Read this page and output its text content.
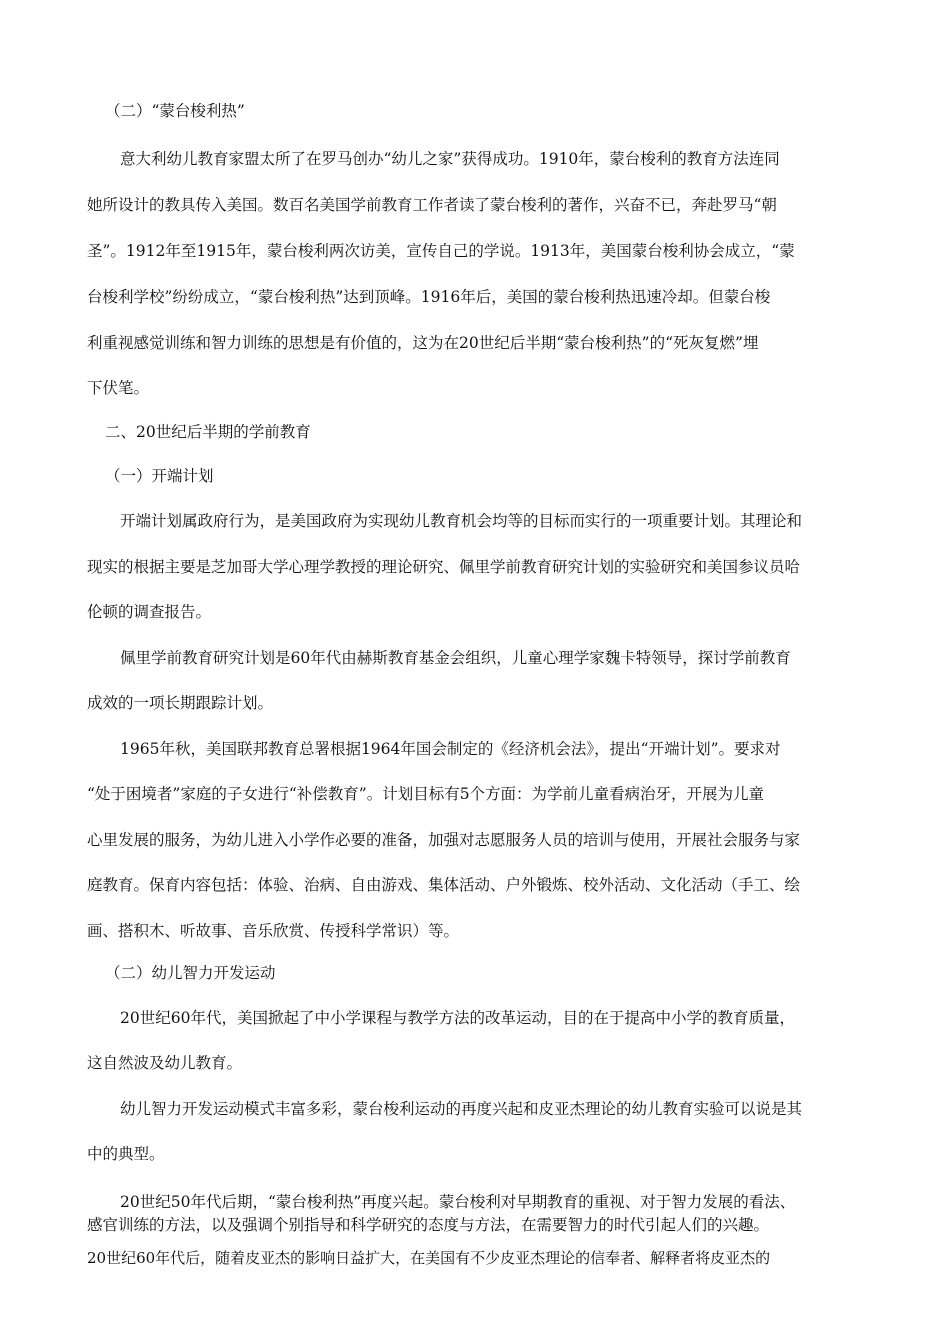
（二）“蒙台梭利热”
意大利幼儿教育家盟太所了在罗马创办“幼儿之家”获得成功。1910年，蒙台梭利的教育方法连同
她所设计的教具传入美国。数百名美国学前教育工作者读了蒙台梭利的著作，兴奋不已，奔赴罗马“朝
圣”。1912年至1915年，蒙台梭利两次访美，宣传自己的学说。1913年，美国蒙台梭利协会成立，“蒙
台梭利学校”纷纷成立，“蒙台梭利热”达到顶峰。1916年后，美国的蒙台梭利热迅速冷却。但蒙台梭
利重视感觉训练和智力训练的思想是有价值的，这为在20世纪后半期“蒙台梭利热”的“死灰复燃”埋
下伏笔。
二、20世纪后半期的学前教育
（一）开端计划
开端计划属政府行为，是美国政府为实现幼儿教育机会均等的目标而实行的一项重要计划。其理论和
现实的根据主要是芝加哥大学心理学教授的理论研究、佩里学前教育研究计划的实验研究和美国参议员哈
伦顿的调查报告。
佩里学前教育研究计划是60年代由赫斯教育基金会组织，儿童心理学家魏卡特领导，探讨学前教育
成效的一项长期跟踪计划。
1965年秋，美国联邦教育总署根据1964年国会制定的《经济机会法》，提出“开端计划”。要求对
“处于困境者”家庭的子女进行“补偿教育”。计划目标有5个方面：为学前儿童看病治牙，开展为儿童
心里发展的服务，为幼儿进入小学作必要的准备，加强对志愿服务人员的培训与使用，开展社会服务与家
庭教育。保育内容包括：体验、治病、自由游戏、集体活动、户外锻炼、校外活动、文化活动（手工、绘
画、搭积木、听故事、音乐欣赏、传授科学常识）等。
（二）幼儿智力开发运动
20世纪60年代，美国掀起了中小学课程与教学方法的改革运动，目的在于提高中小学的教育质量，
这自然波及幼儿教育。
幼儿智力开发运动模式丰富多彩，蒙台梭利运动的再度兴起和皮亚杰理论的幼儿教育实验可以说是其
中的典型。
20世纪50年代后期，“蒙台梭利热”再度兴起。蒙台梭利对早期教育的重视、对于智力发展的看法、
感官训练的方法，以及强调个别指导和科学研究的态度与方法，在需要智力的时代引起人们的兴趣。
20世纪60年代后，随着皮亚杰的影响日益扩大，在美国有不少皮亚杰理论的信奉者、解释者将皮亚杰的
